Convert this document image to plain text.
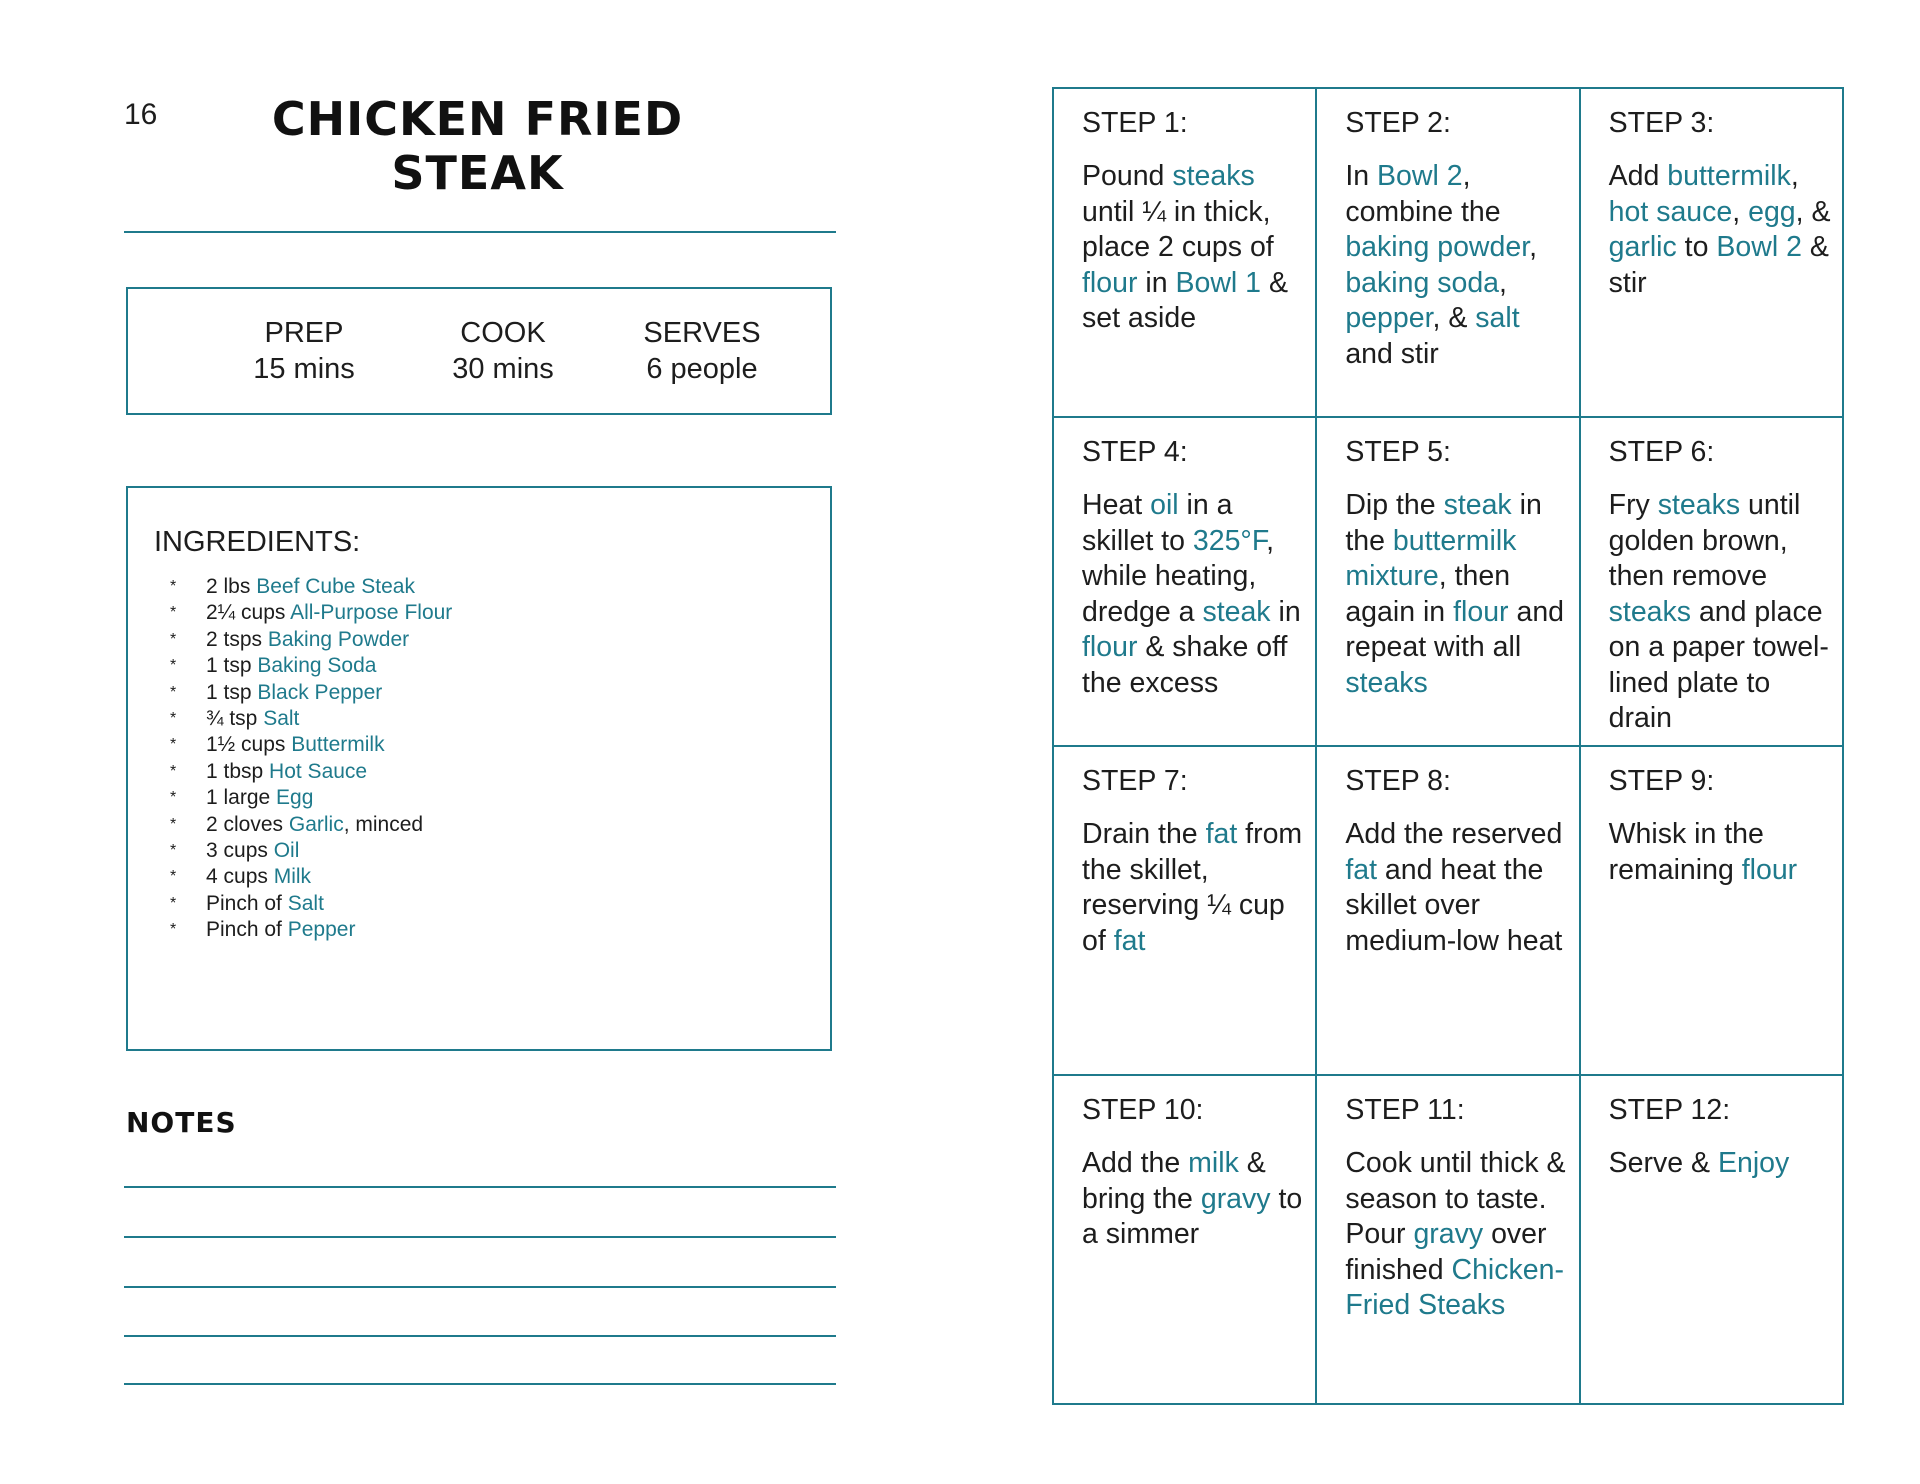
16	CHICKEN FRIED
STEAK
PREP
15 mins
COOK
30 mins
SERVES
6 people
INGREDIENTS:
* 2 lbs Beef Cube Steak
* 2¼ cups All-Purpose Flour
* 2 tsps Baking Powder
* 1 tsp Baking Soda
* 1 tsp Black Pepper
* ¾ tsp Salt
* 1½ cups Buttermilk
* 1 tbsp Hot Sauce
* 1 large Egg
* 2 cloves Garlic, minced
* 3 cups Oil
* 4 cups Milk
* Pinch of Salt
* Pinch of Pepper
NOTES
STEP 1:
Pound steaks until ¼ in thick, place 2 cups of flour in Bowl 1 & set aside
STEP 2:
In Bowl 2, combine the baking powder, baking soda, pepper, & salt and stir
STEP 3:
Add buttermilk, hot sauce, egg, & garlic to Bowl 2 & stir
STEP 4:
Heat oil in a skillet to 325°F, while heating, dredge a steak in flour & shake off the excess
STEP 5:
Dip the steak in the buttermilk mixture, then again in flour and repeat with all steaks
STEP 6:
Fry steaks until golden brown, then remove steaks and place on a paper towel-lined plate to drain
STEP 7:
Drain the fat from the skillet, reserving ¼ cup of fat
STEP 8:
Add the reserved fat and heat the skillet over medium-low heat
STEP 9:
Whisk in the remaining flour
STEP 10:
Add the milk & bring the gravy to a simmer
STEP 11:
Cook until thick & season to taste. Pour gravy over finished Chicken-Fried Steaks
STEP 12:
Serve & Enjoy
